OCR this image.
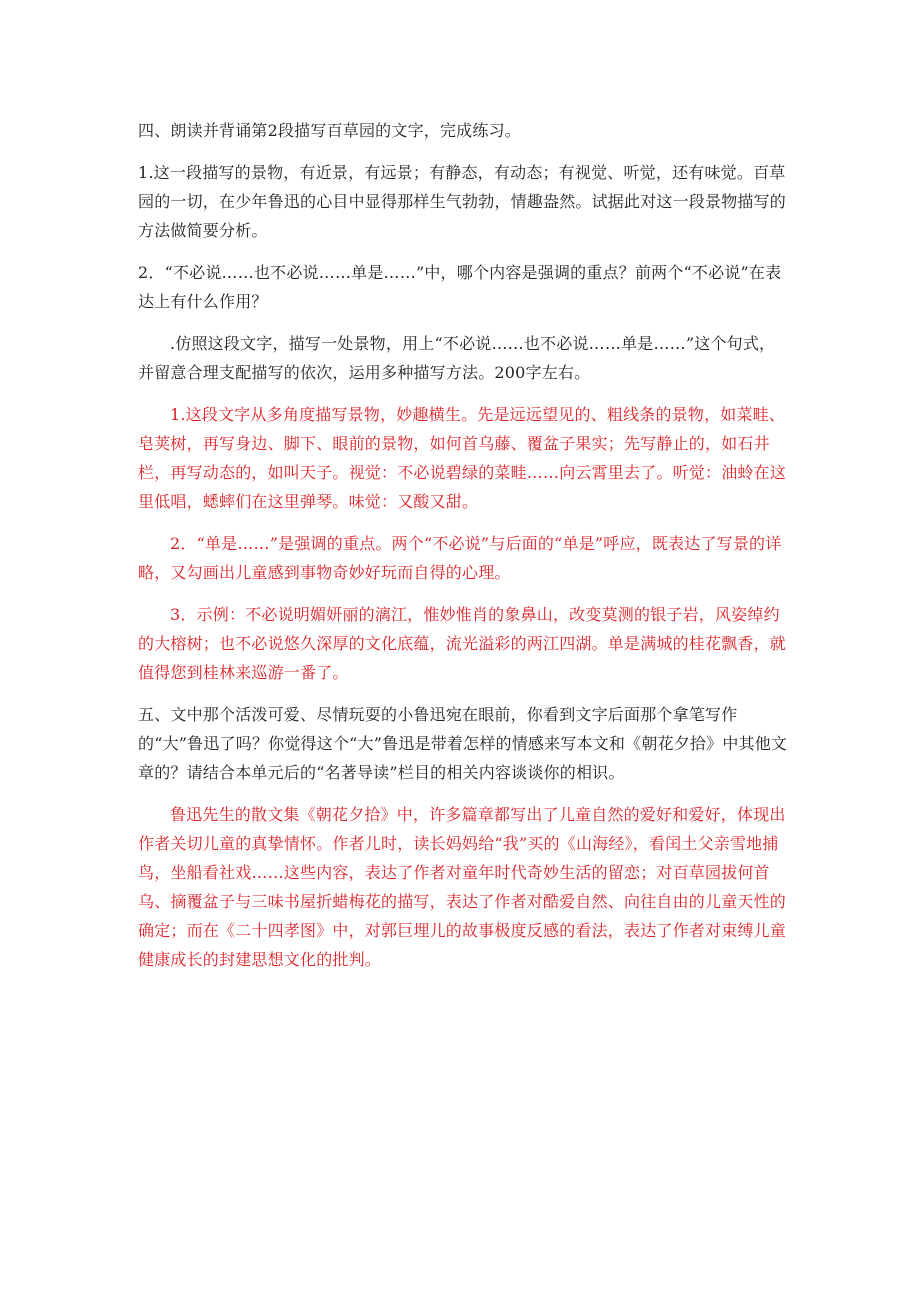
四、朗读并背诵第2段描写百草园的文字，完成练习。

1.这一段描写的景物，有近景，有远景；有静态，有动态；有视觉、听觉，还有味觉。百草园的一切，在少年鲁迅的心目中显得那样生气勃勃，情趣盎然。试据此对这一段景物描写的方法做简要分析。

2．“不必说……也不必说……单是……”中，哪个内容是强调的重点？前两个“不必说”在表达上有什么作用？

.仿照这段文字，描写一处景物，用上“不必说……也不必说……单是……”这个句式，并留意合理支配描写的依次，运用多种描写方法。200字左右。

1.这段文字从多角度描写景物，妙趣横生。先是远远望见的、粗线条的景物，如菜畦、皂荚树，再写身边、脚下、眼前的景物，如何首乌藤、覆盆子果实；先写静止的，如石井栏，再写动态的，如叫天子。视觉：不必说碧绿的菜畦……向云霄里去了。听觉：油蛉在这里低唱，蟋蟀们在这里弹琴。味觉：又酸又甜。

2．“单是……”是强调的重点。两个“不必说”与后面的“单是”呼应，既表达了写景的详略，又勾画出儿童感到事物奇妙好玩而自得的心理。

3．示例：不必说明媚妍丽的漓江，惟妙惟肖的象鼻山，改变莫测的银子岩，风姿绰约的大榕树；也不必说悠久深厚的文化底蕴，流光溢彩的两江四湖。单是满城的桂花飘香，就值得您到桂林来巡游一番了。

五、文中那个活泼可爱、尽情玩耍的小鲁迅宛在眼前，你看到文字后面那个拿笔写作的“大”鲁迅了吗？你觉得这个“大”鲁迅是带着怎样的情感来写本文和《朝花夕拾》中其他文章的？请结合本单元后的“名著导读”栏目的相关内容谈谈你的相识。

鲁迅先生的散文集《朝花夕拾》中，许多篇章都写出了儿童自然的爱好和爱好，体现出作者关切儿童的真挚情怀。作者儿时，读长妈妈给“我”买的《山海经》，看闰土父亲雪地捕鸟，坐船看社戏……这些内容，表达了作者对童年时代奇妙生活的留恋；对百草园拔何首乌、摘覆盆子与三味书屋折蜡梅花的描写，表达了作者对酷爱自然、向往自由的儿童天性的确定；而在《二十四孝图》中，对郭巨埋儿的故事极度反感的看法，表达了作者对束缚儿童健康成长的封建思想文化的批判。
